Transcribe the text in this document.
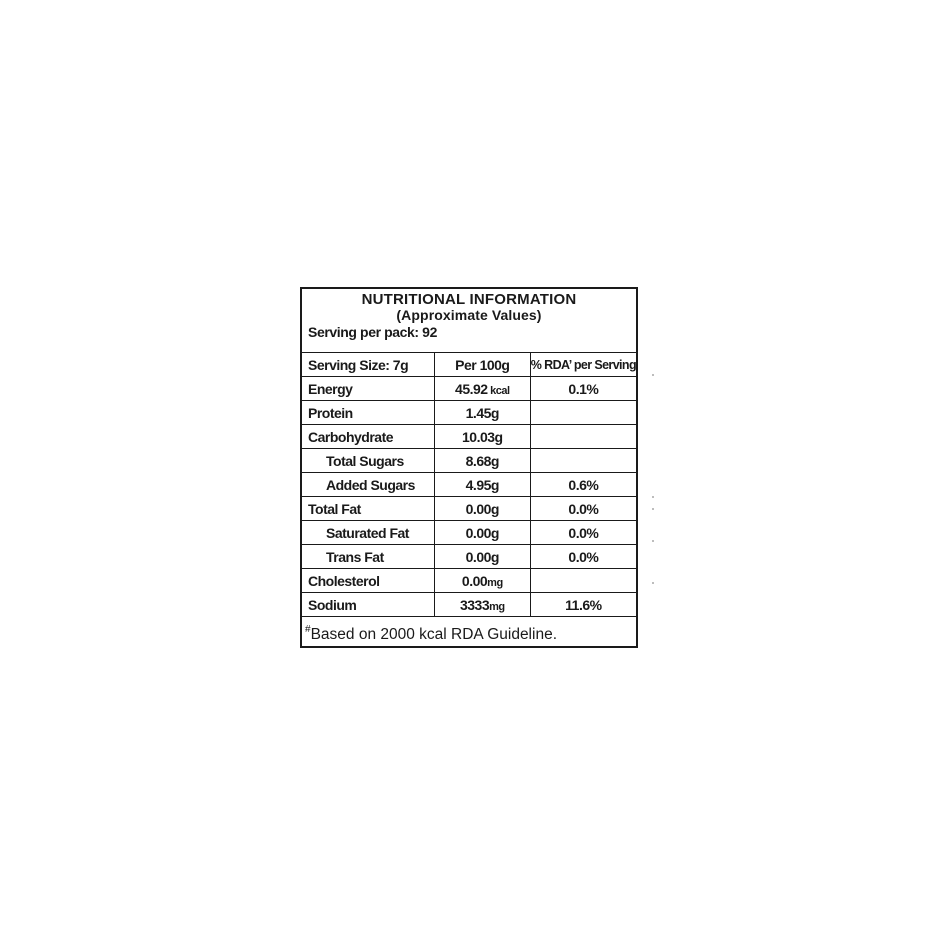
NUTRITIONAL INFORMATION
(Approximate Values)
Serving per pack: 92
Serving Size: 7g	Per 100g	% RDA’ per Serving
Energy	45.92 kcal	0.1%
Protein	1.45g	
Carbohydrate	10.03g	
Total Sugars	8.68g	
Added Sugars	4.95g	0.6%
Total Fat	0.00g	0.0%
Saturated Fat	0.00g	0.0%
Trans Fat	0.00g	0.0%
Cholesterol	0.00mg	
Sodium	3333mg	11.6%
#Based on 2000 kcal RDA Guideline.
